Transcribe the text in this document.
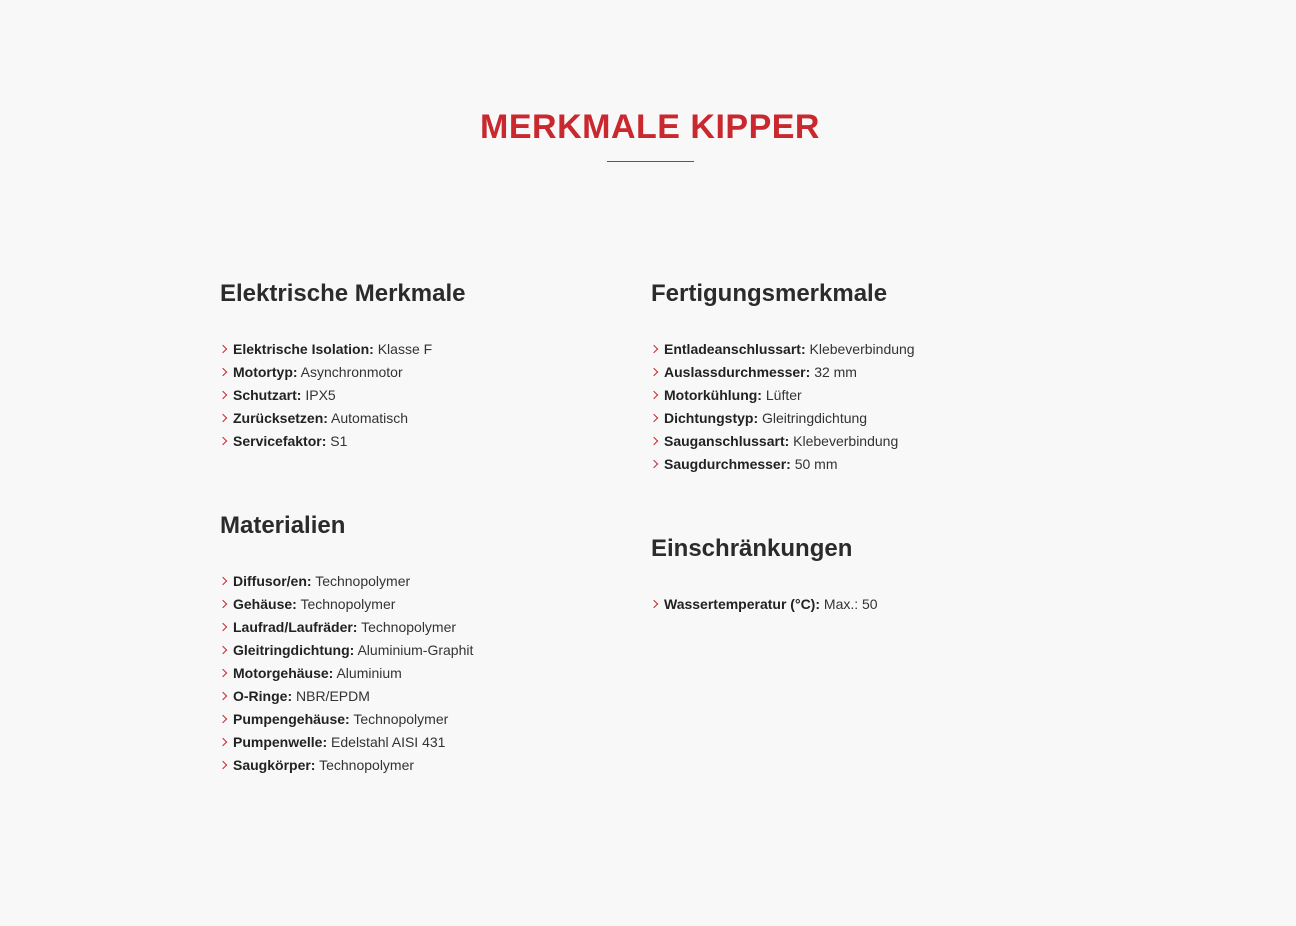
MERKMALE KIPPER
Elektrische Merkmale
Elektrische Isolation: Klasse F
Motortyp: Asynchronmotor
Schutzart: IPX5
Zurücksetzen: Automatisch
Servicefaktor: S1
Materialien
Diffusor/en: Technopolymer
Gehäuse: Technopolymer
Laufrad/Laufräder: Technopolymer
Gleitringdichtung: Aluminium-Graphit
Motorgehäuse: Aluminium
O-Ringe: NBR/EPDM
Pumpengehäuse: Technopolymer
Pumpenwelle: Edelstahl AISI 431
Saugkörper: Technopolymer
Fertigungsmerkmale
Entladeanschlussart: Klebeverbindung
Auslassdurchmesser: 32 mm
Motorkühlung: Lüfter
Dichtungstyp: Gleitringdichtung
Sauganschlussart: Klebeverbindung
Saugdurchmesser: 50 mm
Einschränkungen
Wassertemperatur (°C): Max.: 50
